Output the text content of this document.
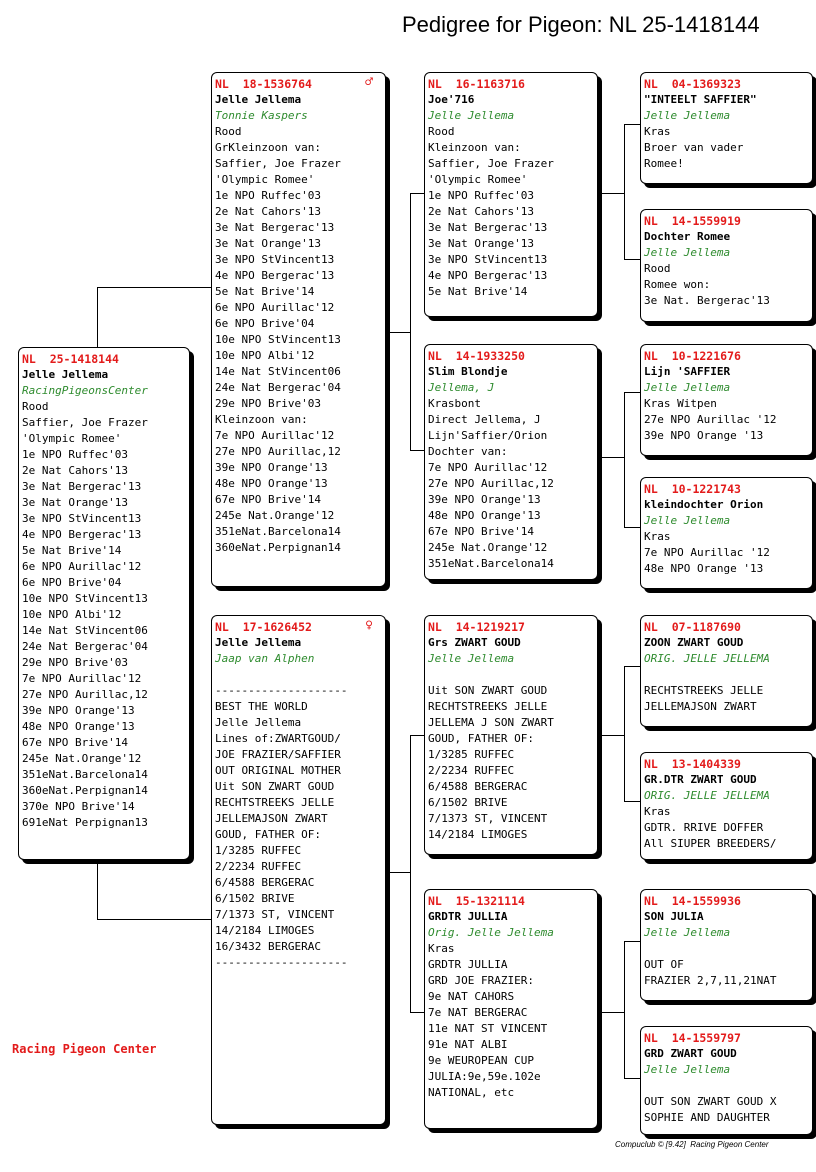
Pedigree for Pigeon: NL 25-1418144
NL  25-1418144
Jelle Jellema
RacingPigeonsCenter
Rood
Saffier, Joe Frazer
'Olympic Romee'
1e NPO Ruffec'03
2e Nat Cahors'13
3e Nat Bergerac'13
3e Nat Orange'13
3e NPO StVincent13
4e NPO Bergerac'13
5e Nat Brive'14
6e NPO Aurillac'12
6e NPO Brive'04
10e NPO StVincent13
10e NPO Albi'12
14e Nat StVincent06
24e Nat Bergerac'04
29e NPO Brive'03
7e NPO Aurillac'12
27e NPO Aurillac,12
39e NPO Orange'13
48e NPO Orange'13
67e NPO Brive'14
245e Nat.Orange'12
351eNat.Barcelona14
360eNat.Perpignan14
370e NPO Brive'14
691eNat Perpignan13
NL  18-1536764	♂
Jelle Jellema
Tonnie Kaspers
Rood
GrKleinzoon van:
Saffier, Joe Frazer
'Olympic Romee'
1e NPO Ruffec'03
2e Nat Cahors'13
3e Nat Bergerac'13
3e Nat Orange'13
3e NPO StVincent13
4e NPO Bergerac'13
5e Nat Brive'14
6e NPO Aurillac'12
6e NPO Brive'04
10e NPO StVincent13
10e NPO Albi'12
14e Nat StVincent06
24e Nat Bergerac'04
29e NPO Brive'03
Kleinzoon van:
7e NPO Aurillac'12
27e NPO Aurillac,12
39e NPO Orange'13
48e NPO Orange'13
67e NPO Brive'14
245e Nat.Orange'12
351eNat.Barcelona14
360eNat.Perpignan14
NL  17-1626452	♀
Jelle Jellema
Jaap van Alphen
--------------------
BEST THE WORLD
Jelle Jellema
Lines of:ZWARTGOUD/
JOE FRAZIER/SAFFIER
OUT ORIGINAL MOTHER
Uit SON ZWART GOUD
RECHTSTREEKS JELLE
JELLEMAJSON ZWART
GOUD, FATHER OF:
1/3285 RUFFEC
2/2234 RUFFEC
6/4588 BERGERAC
6/1502 BRIVE
7/1373 ST, VINCENT
14/2184 LIMOGES
16/3432 BERGERAC
--------------------
NL  16-1163716
Joe'716
Jelle Jellema
Rood
Kleinzoon van:
Saffier, Joe Frazer
'Olympic Romee'
1e NPO Ruffec'03
2e Nat Cahors'13
3e Nat Bergerac'13
3e Nat Orange'13
3e NPO StVincent13
4e NPO Bergerac'13
5e Nat Brive'14
NL  14-1933250
Slim Blondje
Jellema, J
Krasbont
Direct Jellema, J
Lijn'Saffier/Orion
Dochter van:
7e NPO Aurillac'12
27e NPO Aurillac,12
39e NPO Orange'13
48e NPO Orange'13
67e NPO Brive'14
245e Nat.Orange'12
351eNat.Barcelona14
NL  14-1219217
Grs ZWART GOUD
Jelle Jellema
Uit SON ZWART GOUD
RECHTSTREEKS JELLE
JELLEMA J SON ZWART
GOUD, FATHER OF:
1/3285 RUFFEC
2/2234 RUFFEC
6/4588 BERGERAC
6/1502 BRIVE
7/1373 ST, VINCENT
14/2184 LIMOGES
NL  15-1321114
GRDTR JULLIA
Orig. Jelle Jellema
Kras
GRDTR JULLIA
GRD JOE FRAZIER:
9e NAT CAHORS
7e NAT BERGERAC
11e NAT ST VINCENT
91e NAT ALBI
9e WEUROPEAN CUP
JULIA:9e,59e.102e
NATIONAL, etc
NL  04-1369323
"INTEELT SAFFIER"
Jelle Jellema
Kras
Broer van vader
Romee!
NL  14-1559919
Dochter Romee
Jelle Jellema
Rood
Romee won:
3e Nat. Bergerac'13
NL  10-1221676
Lijn 'SAFFIER
Jelle Jellema
Kras Witpen
27e NPO Aurillac '12
39e NPO Orange '13
NL  10-1221743
kleindochter Orion
Jelle Jellema
Kras
7e NPO Aurillac '12
48e NPO Orange '13
NL  07-1187690
ZOON ZWART GOUD
ORIG. JELLE JELLEMA
RECHTSTREEKS JELLE
JELLEMAJSON ZWART
NL  13-1404339
GR.DTR ZWART GOUD
ORIG. JELLE JELLEMA
Kras
GDTR. RRIVE DOFFER
All SIUPER BREEDERS/
NL  14-1559936
SON JULIA
Jelle Jellema
OUT OF
FRAZIER 2,7,11,21NAT
NL  14-1559797
GRD ZWART GOUD
Jelle Jellema
OUT SON ZWART GOUD X
SOPHIE AND DAUGHTER
Racing Pigeon Center
Compuclub © [9.42]  Racing Pigeon Center
